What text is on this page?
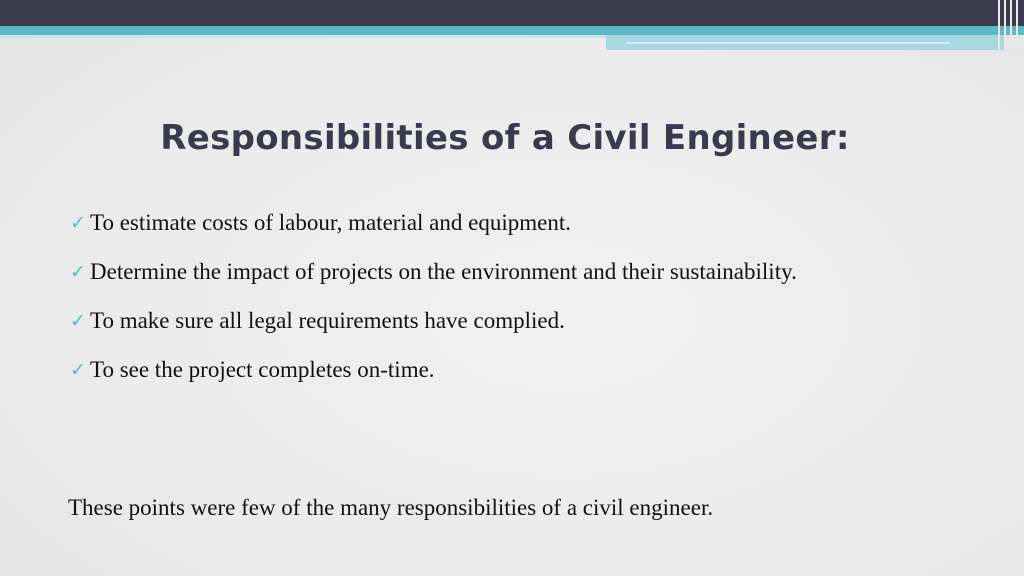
Responsibilities of a Civil Engineer:
✓ To estimate costs of labour, material and equipment.
✓ Determine the impact of projects on the environment and their sustainability.
✓ To make sure all legal requirements have complied.
✓ To see the project completes on-time.

These points were few of the many responsibilities of a civil engineer.
